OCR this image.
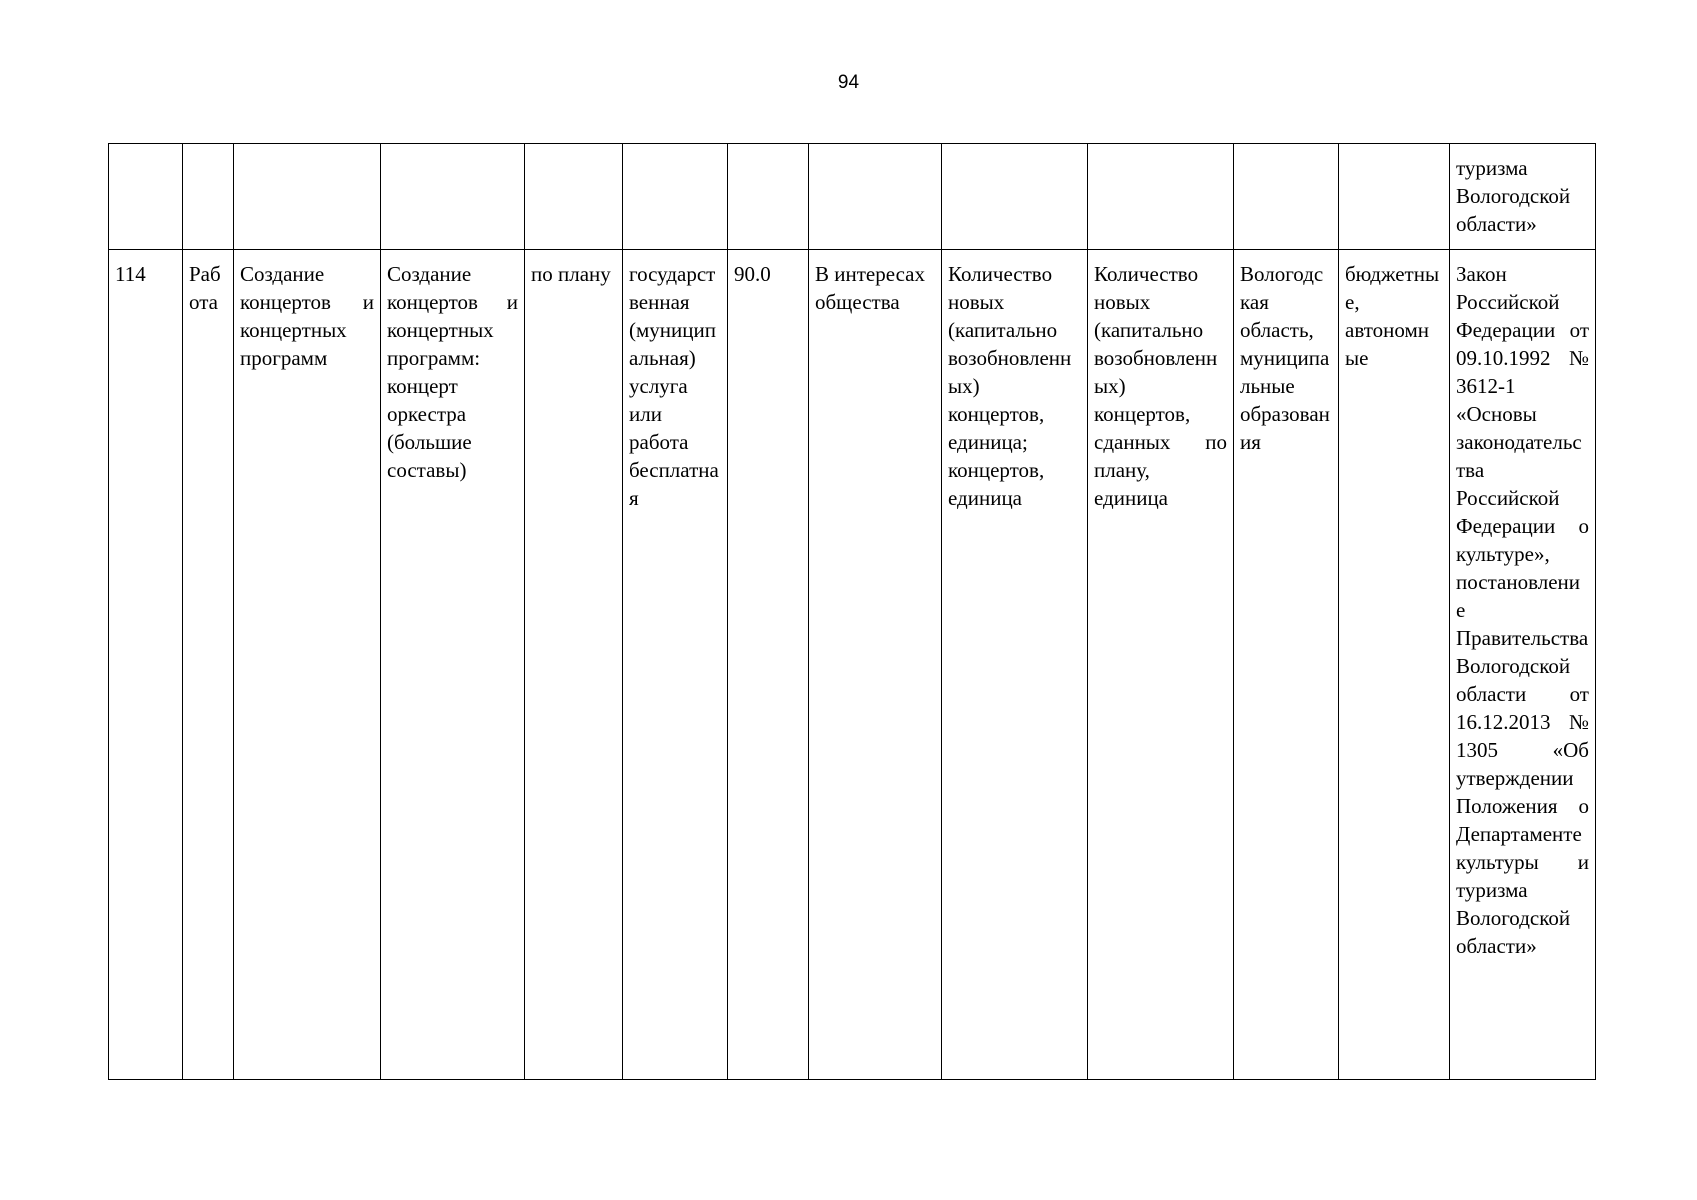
94
												туризма Вологодской области»
114	Работа	Создание концертов и концертных программ	Создание концертов и концертных программ: концерт оркестра (большие составы)	по плану	государственная (муниципальная) услуга или работа бесплатная	90.0	В интересах общества	Количество новых (капитально возобновленных) концертов, единица; концертов, единица	Количество новых (капитально возобновленных) концертов, сданных по плану, единица	Вологодская область, муниципальные образования	бюджетные, автономные	Закон Российской Федерации от 09.10.1992 № 3612-1 «Основы законодательства Российской Федерации о культуре», постановление Правительства Вологодской области от 16.12.2013 № 1305 «Об утверждении Положения о Департаменте культуры и туризма Вологодской области»
